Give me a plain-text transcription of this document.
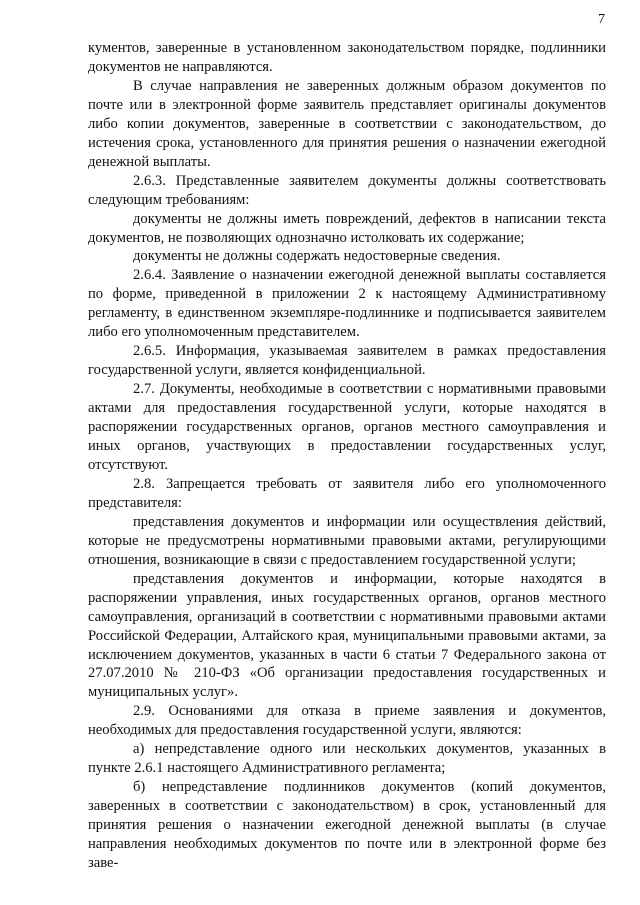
7

кументов, заверенные в установленном законодательством порядке, подлинники документов не направляются.

В случае направления не заверенных должным образом документов по почте или в электронной форме заявитель представляет оригиналы документов либо копии документов, заверенные в соответствии с законодательством, до истечения срока, установленного для принятия решения о назначении ежегодной денежной выплаты.

2.6.3. Представленные заявителем документы должны соответствовать следующим требованиям:

документы не должны иметь повреждений, дефектов в написании текста документов, не позволяющих однозначно истолковать их содержание;

документы не должны содержать недостоверные сведения.

2.6.4. Заявление о назначении ежегодной денежной выплаты составляется по форме, приведенной в приложении 2 к настоящему Административному регламенту, в единственном экземпляре-подлиннике и подписывается заявителем либо его уполномоченным представителем.

2.6.5. Информация, указываемая заявителем в рамках предоставления государственной услуги, является конфиденциальной.

2.7. Документы, необходимые в соответствии с нормативными правовыми актами для предоставления государственной услуги, которые находятся в распоряжении государственных органов, органов местного самоуправления и иных органов, участвующих в предоставлении государственных услуг, отсутствуют.

2.8. Запрещается требовать от заявителя либо его уполномоченного представителя:

представления документов и информации или осуществления действий, которые не предусмотрены нормативными правовыми актами, регулирующими отношения, возникающие в связи с предоставлением государственной услуги;

представления документов и информации, которые находятся в распоряжении управления, иных государственных органов, органов местного самоуправления, организаций в соответствии с нормативными правовыми актами Российской Федерации, Алтайского края, муниципальными правовыми актами, за исключением документов, указанных в части 6 статьи 7 Федерального закона от 27.07.2010 № 210-ФЗ «Об организации предоставления государственных и муниципальных услуг».

2.9. Основаниями для отказа в приеме заявления и документов, необходимых для предоставления государственной услуги, являются:

а) непредставление одного или нескольких документов, указанных в пункте 2.6.1 настоящего Административного регламента;

б) непредставление подлинников документов (копий документов, заверенных в соответствии с законодательством) в срок, установленный для принятия решения о назначении ежегодной денежной выплаты (в случае направления необходимых документов по почте или в электронной форме без заве-
